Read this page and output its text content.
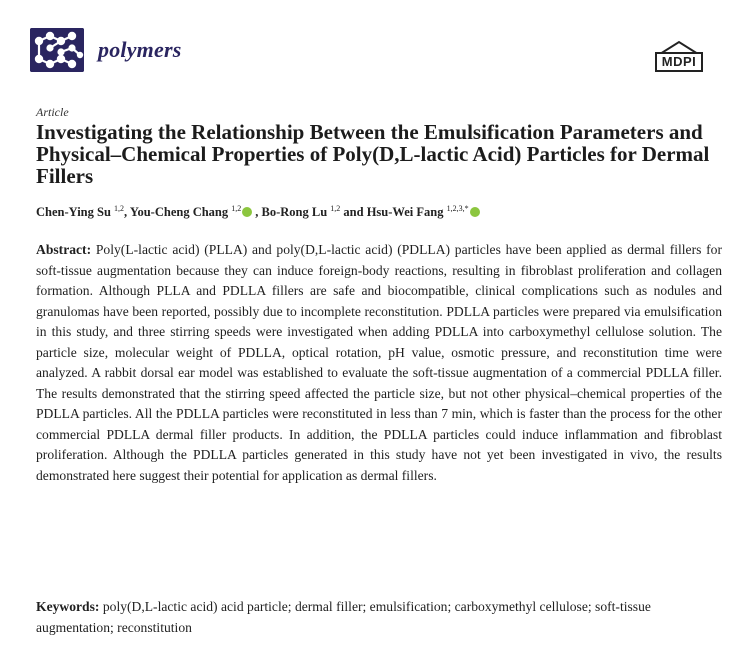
polymers	MDPI
Article
Investigating the Relationship Between the Emulsification Parameters and Physical–Chemical Properties of Poly(D,L-lactic Acid) Particles for Dermal Fillers
Chen-Ying Su $^{1,2}$, You-Cheng Chang $^{1,2}$ , Bo-Rong Lu $^{1,2}$ and Hsu-Wei Fang $^{1,2,3,*}$
Abstract: Poly(L-lactic acid) (PLLA) and poly(D,L-lactic acid) (PDLLA) particles have been applied as dermal fillers for soft-tissue augmentation because they can induce foreign-body reactions, resulting in fibroblast proliferation and collagen formation. Although PLLA and PDLLA fillers are safe and biocompatible, clinical complications such as nodules and granulomas have been reported, possibly due to incomplete reconstitution. PDLLA particles were prepared via emulsification in this study, and three stirring speeds were investigated when adding PDLLA into carboxymethyl cellulose solution. The particle size, molecular weight of PDLLA, optical rotation, pH value, osmotic pressure, and reconstitution time were analyzed. A rabbit dorsal ear model was established to evaluate the soft-tissue augmentation of a commercial PDLLA filler. The results demonstrated that the stirring speed affected the particle size, but not other physical–chemical properties of the PDLLA particles. All the PDLLA particles were reconstituted in less than 7 min, which is faster than the process for the other commercial PDLLA dermal filler products. In addition, the PDLLA particles could induce inflammation and fibroblast proliferation. Although the PDLLA particles generated in this study have not yet been investigated in vivo, the results demonstrated here suggest their potential for application as dermal fillers.
Keywords: poly(D,L-lactic acid) acid particle; dermal filler; emulsification; carboxymethyl cellulose; soft-tissue augmentation; reconstitution
